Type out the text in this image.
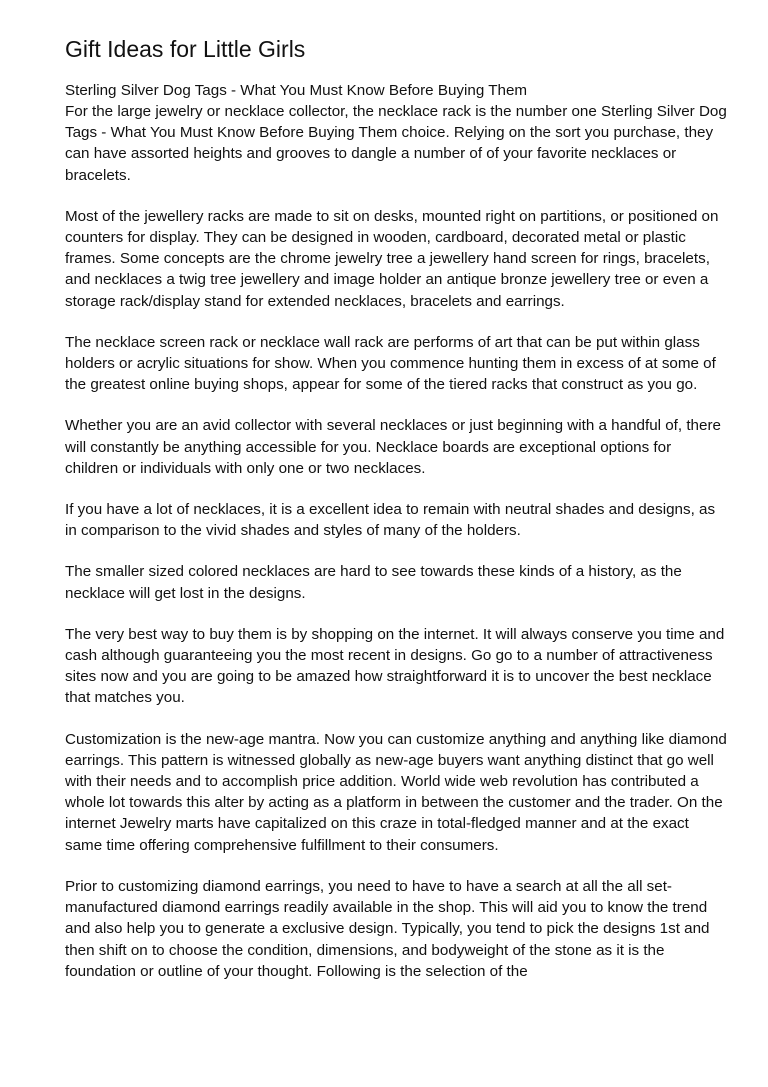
Gift Ideas for Little Girls

Sterling Silver Dog Tags - What You Must Know Before Buying Them

For the large jewelry or necklace collector, the necklace rack is the number one Sterling Silver Dog Tags - What You Must Know Before Buying Them choice. Relying on the sort you purchase, they can have assorted heights and grooves to dangle a number of of your favorite necklaces or bracelets.

Most of the jewellery racks are made to sit on desks, mounted right on partitions, or positioned on counters for display. They can be designed in wooden, cardboard, decorated metal or plastic frames. Some concepts are the chrome jewelry tree a jewellery hand screen for rings, bracelets, and necklaces a twig tree jewellery and image holder an antique bronze jewellery tree or even a storage rack/display stand for extended necklaces, bracelets and earrings.

The necklace screen rack or necklace wall rack are performs of art that can be put within glass holders or acrylic situations for show. When you commence hunting them in excess of at some of the greatest online buying shops, appear for some of the tiered racks that construct as you go.

Whether you are an avid collector with several necklaces or just beginning with a handful of, there will constantly be anything accessible for you. Necklace boards are exceptional options for children or individuals with only one or two necklaces.

If you have a lot of necklaces, it is a excellent idea to remain with neutral shades and designs, as in comparison to the vivid shades and styles of many of the holders.

The smaller sized colored necklaces are hard to see towards these kinds of a history, as the necklace will get lost in the designs.

The very best way to buy them is by shopping on the internet. It will always conserve you time and cash although guaranteeing you the most recent in designs. Go go to a number of attractiveness sites now and you are going to be amazed how straightforward it is to uncover the best necklace that matches you.

Customization is the new-age mantra. Now you can customize anything and anything like diamond earrings. This pattern is witnessed globally as new-age buyers want anything distinct that go well with their needs and to accomplish price addition. World wide web revolution has contributed a whole lot towards this alter by acting as a platform in between the customer and the trader. On the internet Jewelry marts have capitalized on this craze in total-fledged manner and at the exact same time offering comprehensive fulfillment to their consumers.

Prior to customizing diamond earrings, you need to have to have a search at all the all set-manufactured diamond earrings readily available in the shop. This will aid you to know the trend and also help you to generate a exclusive design. Typically, you tend to pick the designs 1st and then shift on to choose the condition, dimensions, and bodyweight of the stone as it is the foundation or outline of your thought. Following is the selection of the
